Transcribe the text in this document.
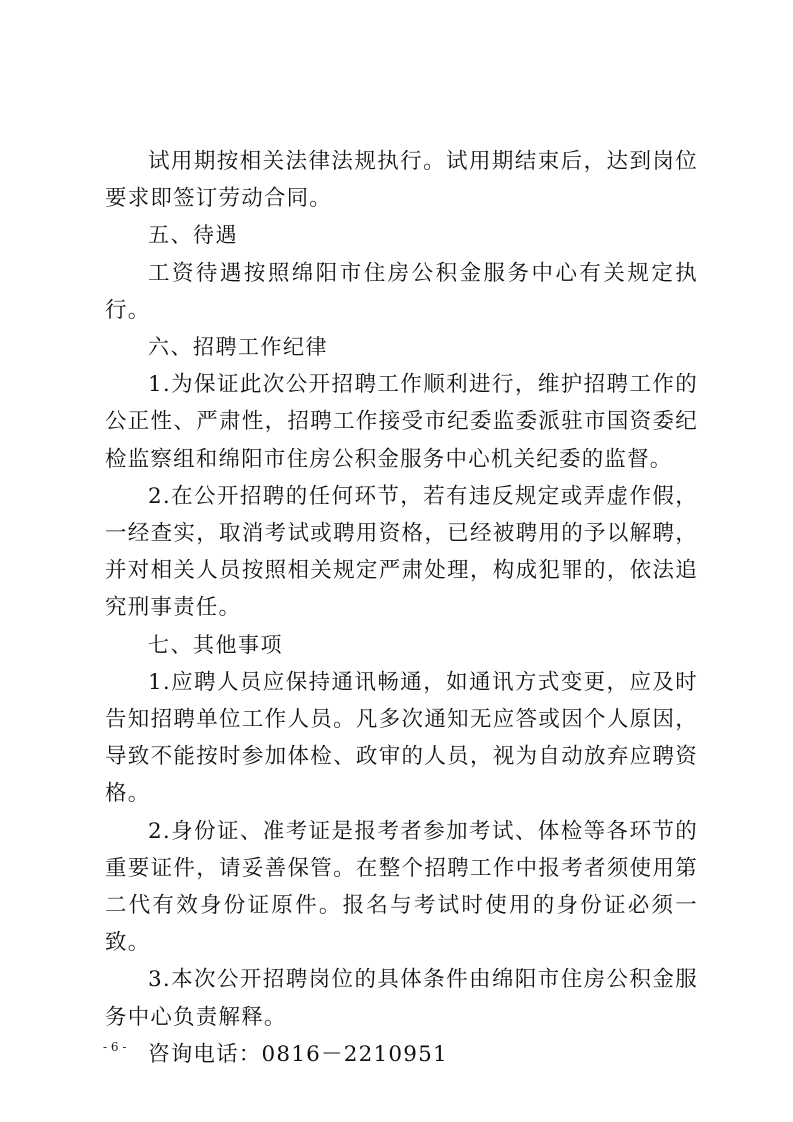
试用期按相关法律法规执行。试用期结束后，达到岗位要求即签订劳动合同。

五、待遇

工资待遇按照绵阳市住房公积金服务中心有关规定执行。

六、招聘工作纪律

1.为保证此次公开招聘工作顺利进行，维护招聘工作的公正性、严肃性，招聘工作接受市纪委监委派驻市国资委纪检监察组和绵阳市住房公积金服务中心机关纪委的监督。

2.在公开招聘的任何环节，若有违反规定或弄虚作假，一经查实，取消考试或聘用资格，已经被聘用的予以解聘，并对相关人员按照相关规定严肃处理，构成犯罪的，依法追究刑事责任。

七、其他事项

1.应聘人员应保持通讯畅通，如通讯方式变更，应及时告知招聘单位工作人员。凡多次通知无应答或因个人原因，导致不能按时参加体检、政审的人员，视为自动放弃应聘资格。

2.身份证、准考证是报考者参加考试、体检等各环节的重要证件，请妥善保管。在整个招聘工作中报考者须使用第二代有效身份证原件。报名与考试时使用的身份证必须一致。

3.本次公开招聘岗位的具体条件由绵阳市住房公积金服务中心负责解释。

咨询电话：0816－2210951

- 6 -
